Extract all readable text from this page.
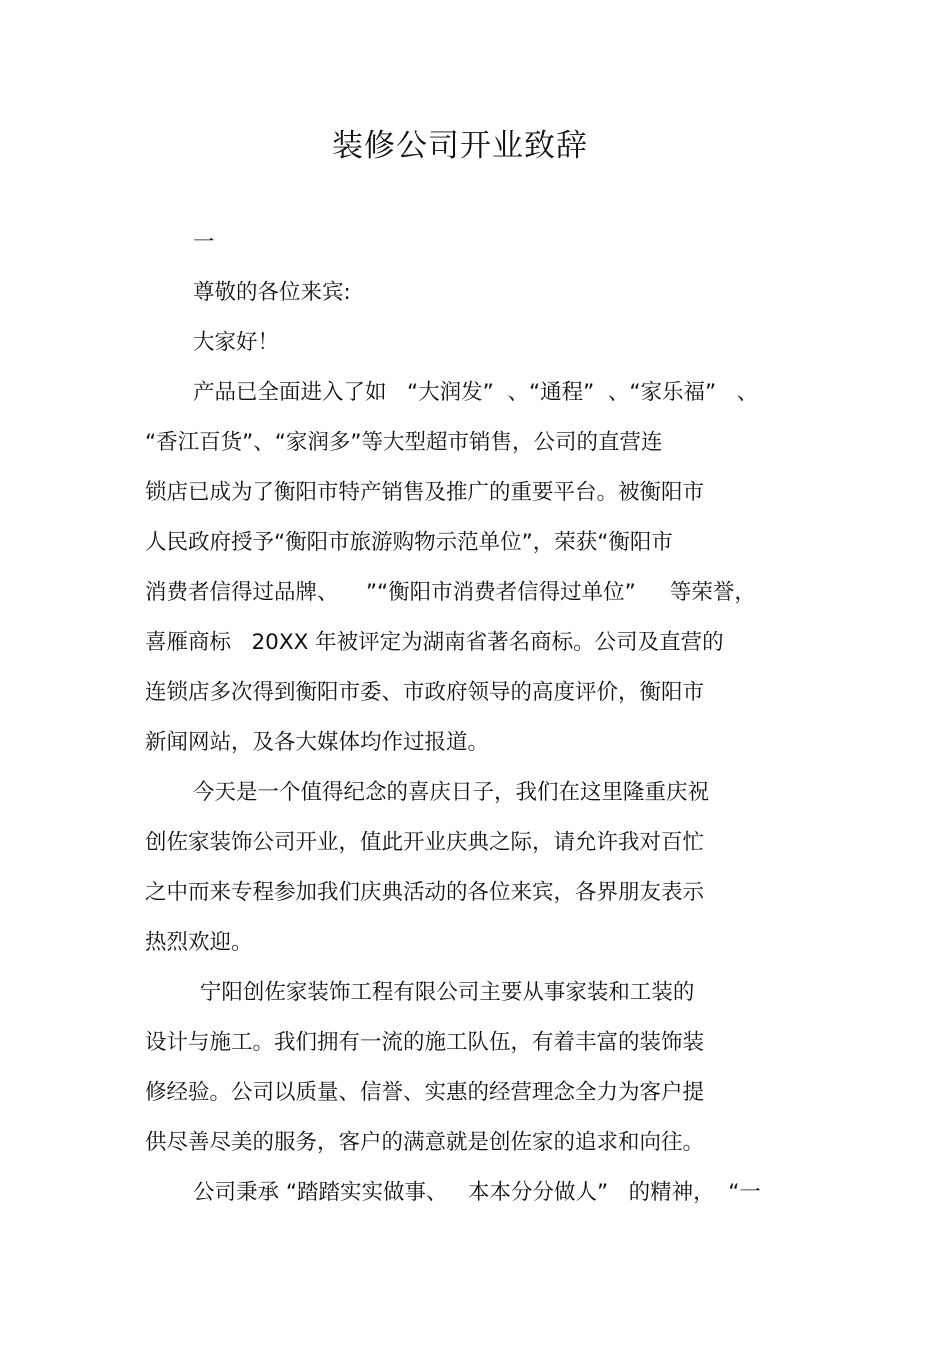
装修公司开业致辞
一
尊敬的各位来宾:
大家好！
产品已全面进入了如   “大润发”  、“通程”  、“家乐福”   、
“香江百货”、“家润多”等大型超市销售，公司的直营连
锁店已成为了衡阳市特产销售及推广的重要平台。被衡阳市
人民政府授予“衡阳市旅游购物示范单位”，荣获“衡阳市
消费者信得过品牌、    ”“衡阳市消费者信得过单位”     等荣誉，
喜雁商标   20XX 年被评定为湖南省著名商标。公司及直营的
连锁店多次得到衡阳市委、市政府领导的高度评价，衡阳市
新闻网站，及各大媒体均作过报道。
今天是一个值得纪念的喜庆日子，我们在这里隆重庆祝
创佐家装饰公司开业，值此开业庆典之际，请允许我对百忙
之中而来专程参加我们庆典活动的各位来宾，各界朋友表示
热烈欢迎。
宁阳创佐家装饰工程有限公司主要从事家装和工装的
设计与施工。我们拥有一流的施工队伍，有着丰富的装饰装
修经验。公司以质量、信誉、实惠的经营理念全力为客户提
供尽善尽美的服务，客户的满意就是创佐家的追求和向往。
公司秉承 “踏踏实实做事、   本本分分做人”   的精神，  “一
